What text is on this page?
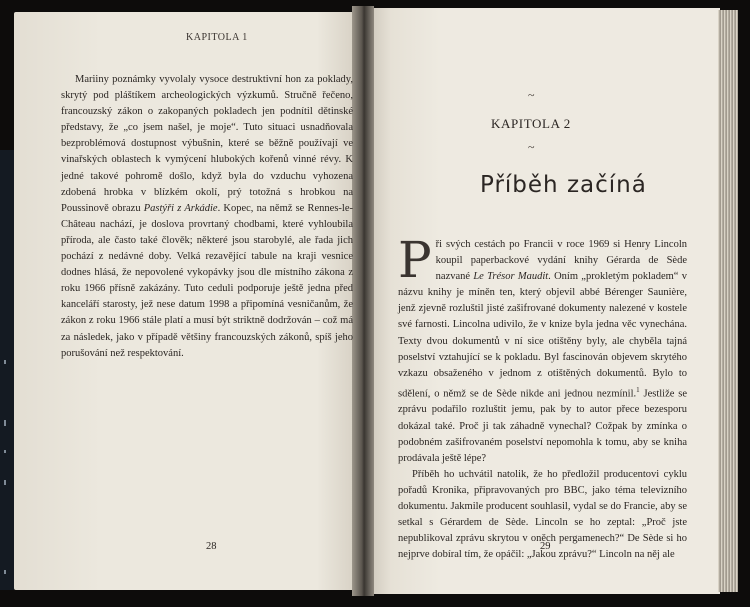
KAPITOLA 1
Mariiny poznámky vyvolaly vysoce destruktivní hon za poklady, skrytý pod pláštíkem archeologických výzkumů. Stručně řečeno, francouzský zákon o zakopaných pokladech jen podnítil dětinské představy, že „co jsem našel, je moje“. Tuto situaci usnadňovala bezproblémová dostupnost výbušnin, které se běžně používají ve vinařských oblastech k vymýcení hlubokých kořenů vinné révy. K jedné takové pohromě došlo, když byla do vzduchu vyhozena zdobená hrobka v blízkém okolí, prý totožná s hrobkou na Poussinově obrazu Pastýři z Arkádie. Kopec, na němž se Rennes-le-Château nachází, je doslova provrtaný chodbami, které vyhloubila příroda, ale často také člověk; některé jsou starobylé, ale řada jich pochází z nedávné doby. Velká rezavějící tabule na kraji vesnice dodnes hlásá, že nepovolené vykopávky jsou dle místního zákona z roku 1966 přísně zakázány. Tuto ceduli podporuje ještě jedna před kanceláří starosty, jež nese datum 1998 a připomíná vesničanům, že zákon z roku 1966 stále platí a musí být striktně dodržován – což má za následek, jako v případě většiny francouzských zákonů, spíš jeho porušování než respektování.
28
~
KAPITOLA 2
~
Příběh začíná

Při svých cestách po Francii v roce 1969 si Henry Lincoln koupil paperbackové vydání knihy Gérarda de Sède nazvané Le Trésor Maudit. Oním „prokletým pokladem“ v názvu knihy je míněn ten, který objevil abbé Bérenger Saunière, jenž zjevně rozluštil jisté zašifrované dokumenty nalezené v kostele své farnosti. Lincolna udivilo, že v knize byla jedna věc vynechána. Texty dvou dokumentů v ní sice otištěny byly, ale chyběla tajná poselství vztahující se k pokladu. Byl fascinován objevem skrytého vzkazu obsaženého v jednom z otištěných dokumentů. Bylo to sdělení, o němž se de Sède nikde ani jednou nezmínil.$^1$ Jestliže se zprávu podařilo rozluštit jemu, pak by to autor přece bezesporu dokázal také. Proč ji tak záhadně vynechal? Cožpak by zmínka o podobném zašifrovaném poselství nepomohla k tomu, aby se kniha prodávala ještě lépe?

Příběh ho uchvátil natolik, že ho předložil producentovi cyklu pořadů Kronika, připravovaných pro BBC, jako téma televizního dokumentu. Jakmile producent souhlasil, vydal se do Francie, aby se setkal s Gérardem de Sède. Lincoln se ho zeptal: „Proč jste nepublikoval zprávu skrytou v oněch pergamenech?“ De Sède si ho nejprve dobíral tím, že opáčil: „Jakou zprávu?“ Lincoln na něj ale

29
